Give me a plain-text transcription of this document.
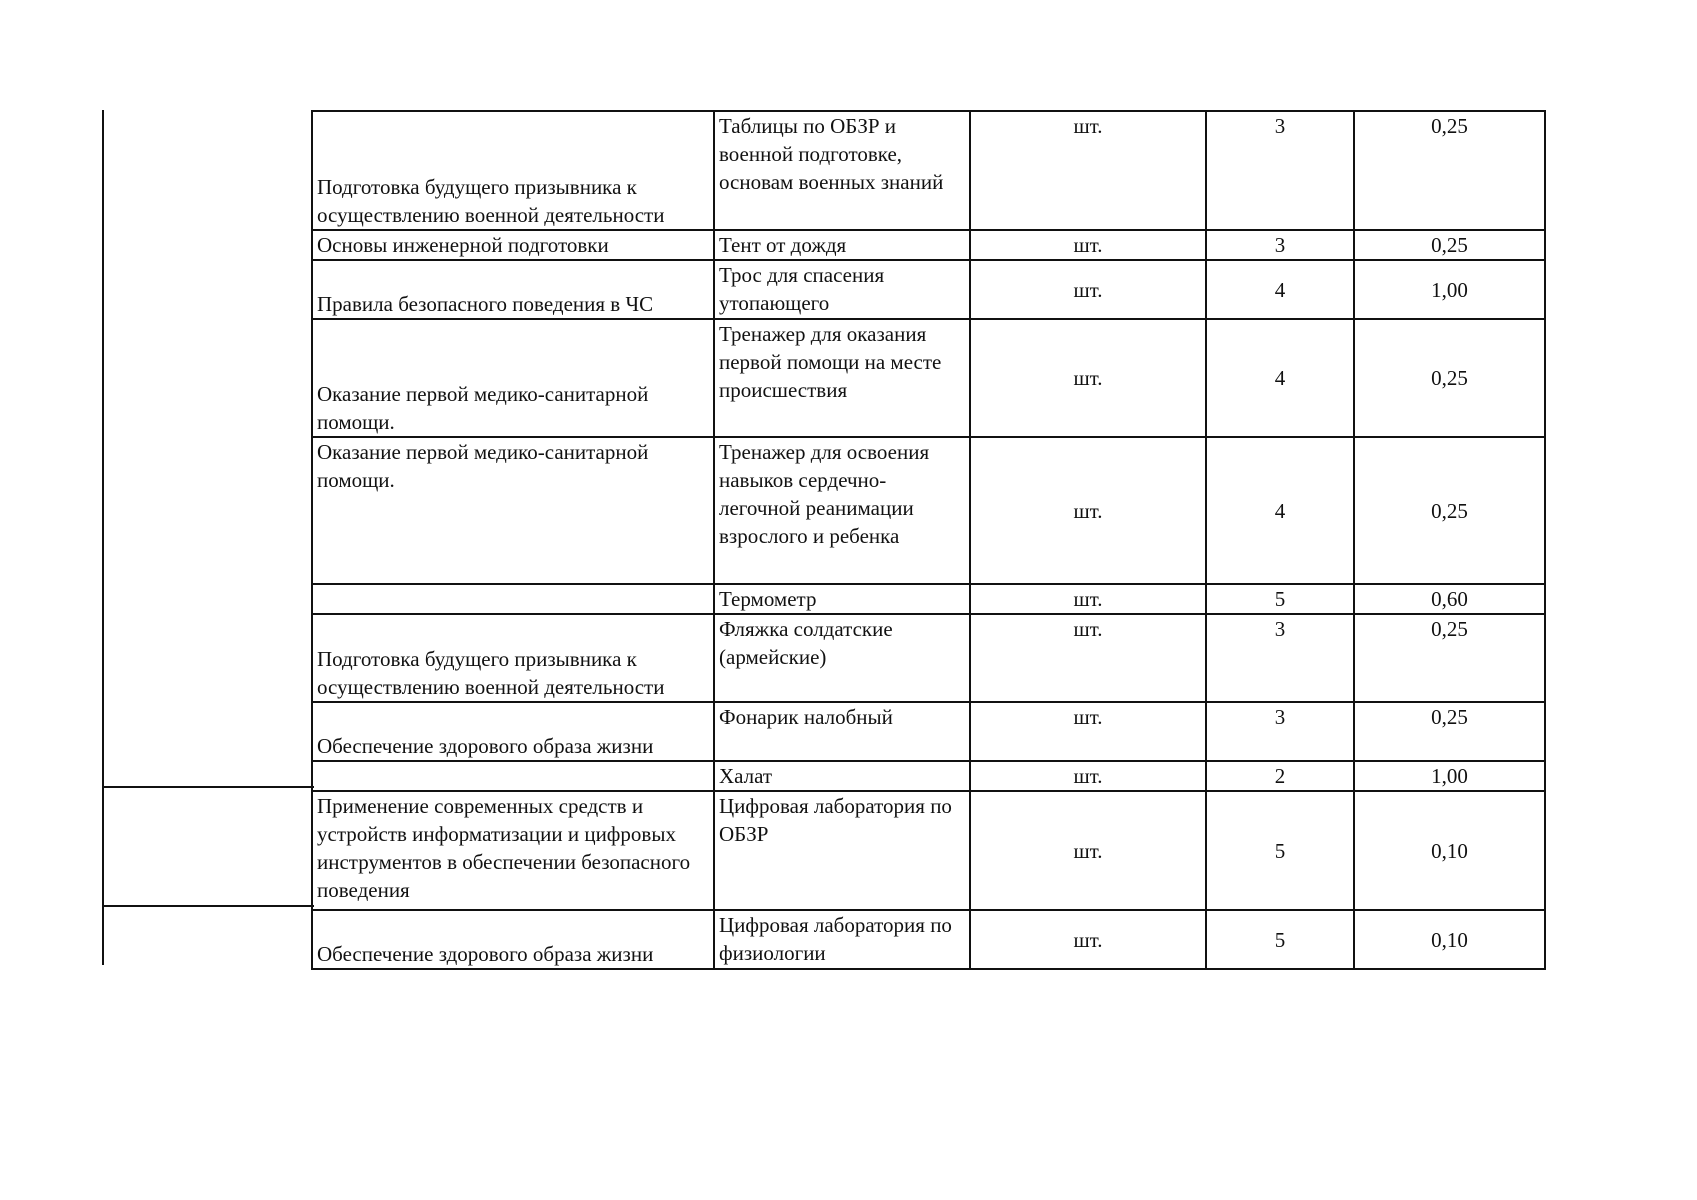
Подготовка будущего призывника к осуществлению военной деятельности	Таблицы по ОБЗР и военной подготовке, основам военных знаний	шт.	3	0,25

Основы инженерной подготовки	Тент от дождя	шт.	3	0,25

Правила безопасного поведения в ЧС	Трос для спасения утопающего	шт.	4	1,00

Оказание первой медико-санитарной помощи.	Тренажер для оказания первой помощи на месте происшествия	шт.	4	0,25

Оказание первой медико-санитарной помощи.	Тренажер для освоения навыков сердечно-легочной реанимации взрослого и ребенка	шт.	4	0,25

	Термометр	шт.	5	0,60

Подготовка будущего призывника к осуществлению военной деятельности	Фляжка солдатские (армейские)	шт.	3	0,25

Обеспечение здорового образа жизни	Фонарик налобный	шт.	3	0,25

	Халат	шт.	2	1,00

Применение современных средств и устройств информатизации и цифровых инструментов в обеспечении безопасного поведения	Цифровая лаборатория по ОБЗР	шт.	5	0,10

Обеспечение здорового образа жизни	Цифровая лаборатория по физиологии	шт.	5	0,10
